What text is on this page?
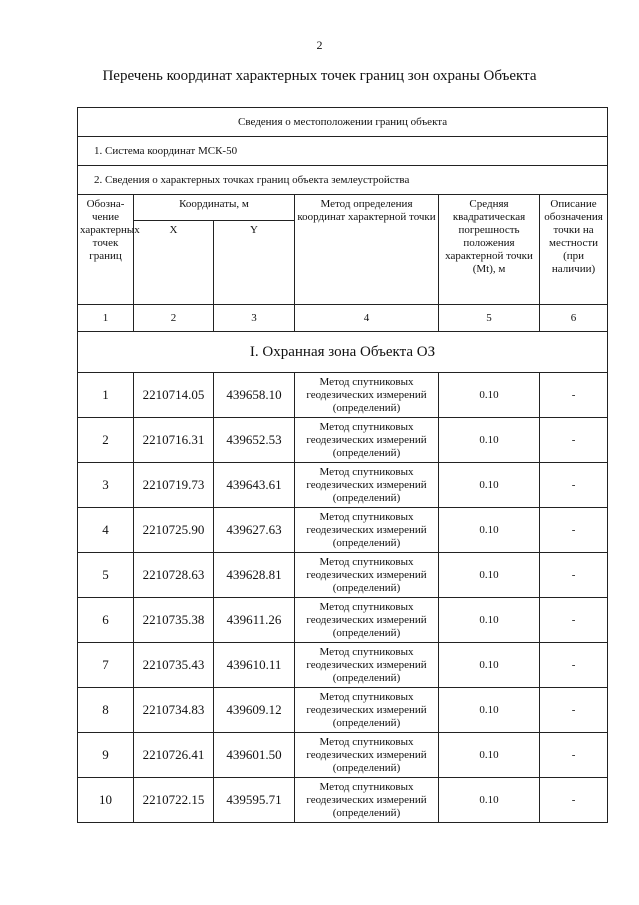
2
Перечень координат характерных точек границ зон охраны Объекта
Сведения о местоположении границ объекта					
1. Система координат МСК-50					
2. Сведения о характерных точках границ объекта землеустройства					
Обозна-чение характерных точек границ	Координаты, м		Метод определения координат характерной точки	Средняя квадратическая погрешность положения характерной точки (Mt), м	Описание обозначения точки на местности (при наличии)
	X	Y			
1	2	3	4	5	6
I. Охранная зона Объекта ОЗ					
1	2210714.05	439658.10	Метод спутниковых геодезических измерений (определений)	0.10	-
2	2210716.31	439652.53	Метод спутниковых геодезических измерений (определений)	0.10	-
3	2210719.73	439643.61	Метод спутниковых геодезических измерений (определений)	0.10	-
4	2210725.90	439627.63	Метод спутниковых геодезических измерений (определений)	0.10	-
5	2210728.63	439628.81	Метод спутниковых геодезических измерений (определений)	0.10	-
6	2210735.38	439611.26	Метод спутниковых геодезических измерений (определений)	0.10	-
7	2210735.43	439610.11	Метод спутниковых геодезических измерений (определений)	0.10	-
8	2210734.83	439609.12	Метод спутниковых геодезических измерений (определений)	0.10	-
9	2210726.41	439601.50	Метод спутниковых геодезических измерений (определений)	0.10	-
10	2210722.15	439595.71	Метод спутниковых геодезических измерений (определений)	0.10	-
